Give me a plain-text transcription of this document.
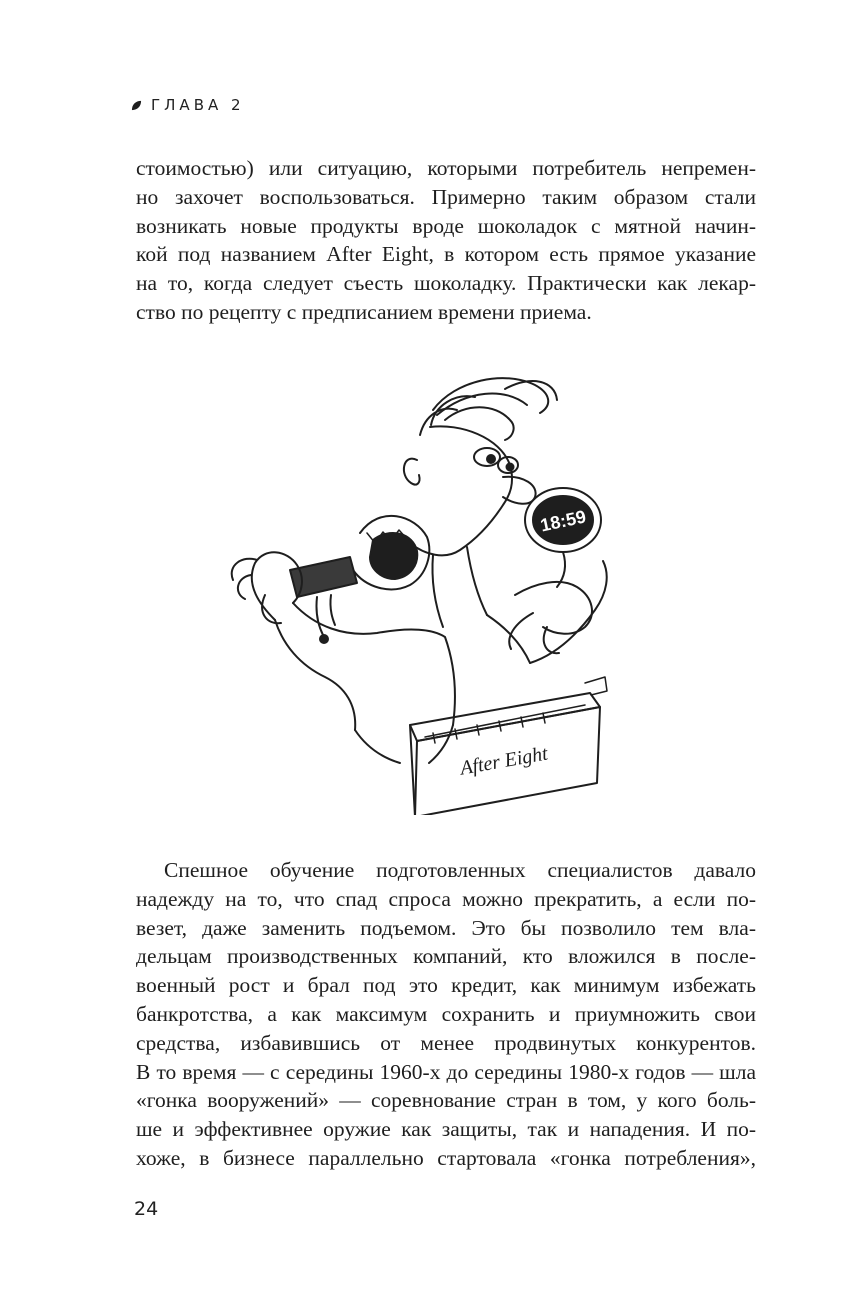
ГЛАВА 2
стоимостью) или ситуацию, которыми потребитель непремен-
но захочет воспользоваться. Примерно таким образом стали
возникать новые продукты вроде шоколадок с мятной начин-
кой под названием After Eight, в котором есть прямое указание
на то, когда следует съесть шоколадку. Практически как лекар-
ство по рецепту с предписанием времени приема.
18:59
After Eight
Спешное обучение подготовленных специалистов давало
надежду на то, что спад спроса можно прекратить, а если по-
везет, даже заменить подъемом. Это бы позволило тем вла-
дельцам производственных компаний, кто вложился в после-
военный рост и брал под это кредит, как минимум избежать
банкротства, а как максимум сохранить и приумножить свои
средства, избавившись от менее продвинутых конкурентов.
В то время — с середины 1960-х до середины 1980-х годов — шла
«гонка вооружений» — соревнование стран в том, у кого боль-
ше и эффективнее оружие как защиты, так и нападения. И по-
хоже, в бизнесе параллельно стартовала «гонка потребления»,
24
